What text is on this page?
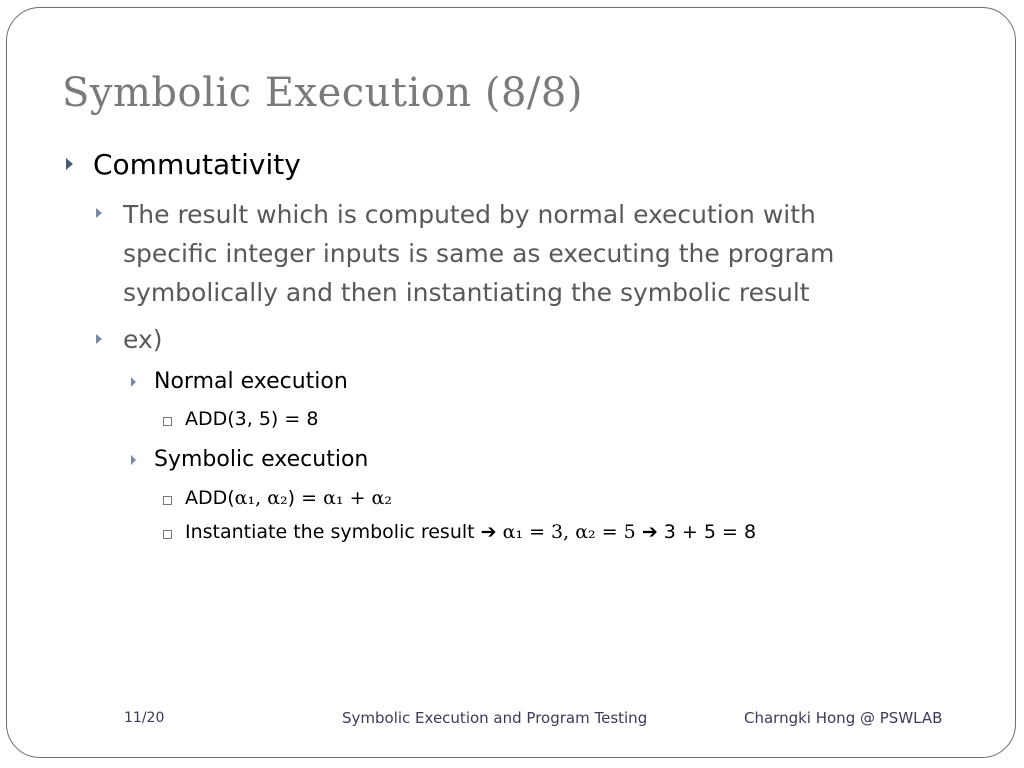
Symbolic Execution (8/8)
Commutativity
The result which is computed by normal execution with
specific integer inputs is same as executing the program
symbolically and then instantiating the symbolic result
ex)
Normal execution
ADD(3, 5) = 8
Symbolic execution
ADD(α₁, α₂) = α₁ + α₂
Instantiate the symbolic result ➔ α₁ = 3, α₂ = 5 ➔ 3 + 5 = 8
11/20	Symbolic Execution and Program Testing	Charngki Hong @ PSWLAB
